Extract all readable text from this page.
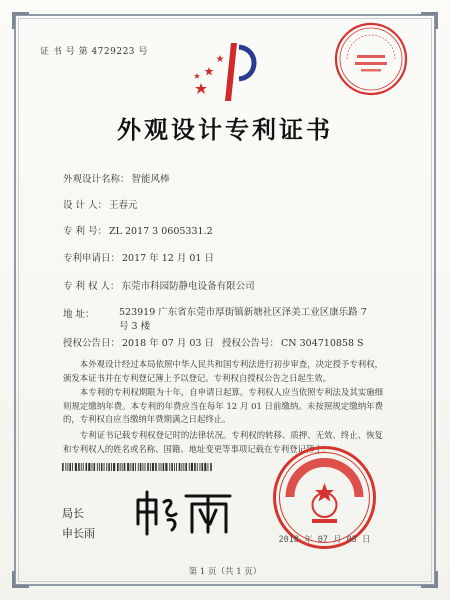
证 书 号 第 4729223 号
外观设计专利证书
外观设计名称： 智能风棒
设 计 人： 王春元
专 利 号： ZL 2017 3 0605331.2
专利申请日： 2017 年 12 月 01 日
专 利 权 人： 东莞市科园防静电设备有限公司
地 址：	523919 广东省东莞市厚街镇新塘社区泽美工业区康乐路 7 号 3 楼
授权公告日： 2018 年 07 月 03 日 授权公告号： CN 304710858 S
本外观设计经过本局依照中华人民共和国专利法进行初步审查，决定授予专利权，颁发本证书并在专利登记簿上予以登记。专利权自授权公告之日起生效。
本专利的专利权期限为十年，自申请日起算。专利权人应当依照专利法及其实施细则规定缴纳年费。本专利的年费应当在每年 12 月 01 日前缴纳。未按照规定缴纳年费的，专利权自应当缴纳年费期满之日起终止。
专利证书记载专利权登记时的法律状况。专利权的转移、质押、无效、终止、恢复和专利权人的姓名或名称、国籍、地址变更等事项记载在专利登记簿上。
局长
申长雨	2018 年 07 月 03 日
第 1 页（共 1 页）
